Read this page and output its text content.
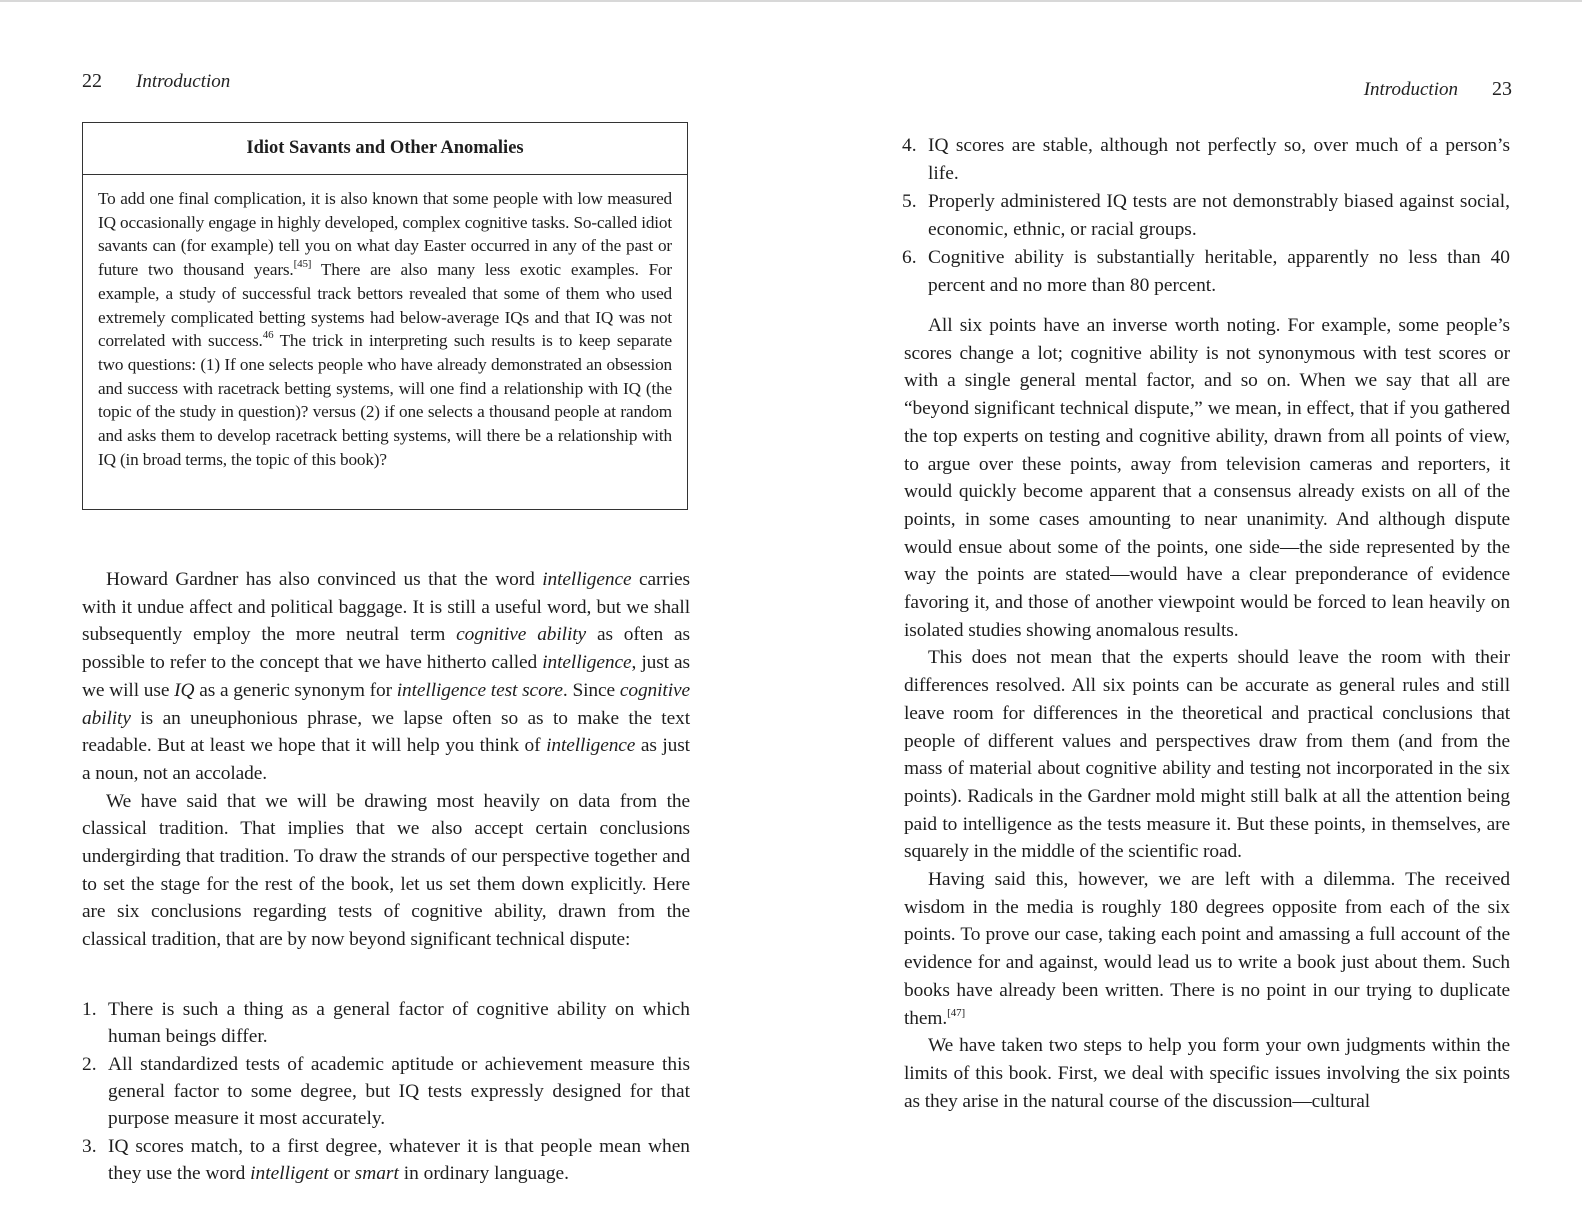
22 Introduction
Idiot Savants and Other Anomalies
To add one final complication, it is also known that some people with low measured IQ occasionally engage in highly developed, complex cognitive tasks. So-called idiot savants can (for example) tell you on what day Easter occurred in any of the past or future two thousand years.[45] There are also many less exotic examples. For example, a study of successful track bettors revealed that some of them who used extremely complicated betting systems had below-average IQs and that IQ was not correlated with success.$^{46}$ The trick in interpreting such results is to keep separate two questions: (1) If one selects people who have already demonstrated an obsession and success with racetrack betting systems, will one find a relationship with IQ (the topic of the study in question)? versus (2) if one selects a thousand people at random and asks them to develop racetrack betting systems, will there be a relationship with IQ (in broad terms, the topic of this book)?

Howard Gardner has also convinced us that the word intelligence carries with it undue affect and political baggage. It is still a useful word, but we shall subsequently employ the more neutral term cognitive ability as often as possible to refer to the concept that we have hitherto called intelligence, just as we will use IQ as a generic synonym for intelligence test score. Since cognitive ability is an uneuphonious phrase, we lapse often so as to make the text readable. But at least we hope that it will help you think of intelligence as just a noun, not an accolade.

We have said that we will be drawing most heavily on data from the classical tradition. That implies that we also accept certain conclusions undergirding that tradition. To draw the strands of our perspective together and to set the stage for the rest of the book, let us set them down explicitly. Here are six conclusions regarding tests of cognitive ability, drawn from the classical tradition, that are by now beyond significant technical dispute:

1. There is such a thing as a general factor of cognitive ability on which human beings differ.
2. All standardized tests of academic aptitude or achievement measure this general factor to some degree, but IQ tests expressly designed for that purpose measure it most accurately.
3. IQ scores match, to a first degree, whatever it is that people mean when they use the word intelligent or smart in ordinary language.
Introduction 23
4. IQ scores are stable, although not perfectly so, over much of a person’s life.
5. Properly administered IQ tests are not demonstrably biased against social, economic, ethnic, or racial groups.
6. Cognitive ability is substantially heritable, apparently no less than 40 percent and no more than 80 percent.

All six points have an inverse worth noting. For example, some people’s scores change a lot; cognitive ability is not synonymous with test scores or with a single general mental factor, and so on. When we say that all are “beyond significant technical dispute,” we mean, in effect, that if you gathered the top experts on testing and cognitive ability, drawn from all points of view, to argue over these points, away from television cameras and reporters, it would quickly become apparent that a consensus already exists on all of the points, in some cases amounting to near unanimity. And although dispute would ensue about some of the points, one side—the side represented by the way the points are stated—would have a clear preponderance of evidence favoring it, and those of another viewpoint would be forced to lean heavily on isolated studies showing anomalous results.

This does not mean that the experts should leave the room with their differences resolved. All six points can be accurate as general rules and still leave room for differences in the theoretical and practical conclusions that people of different values and perspectives draw from them (and from the mass of material about cognitive ability and testing not incorporated in the six points). Radicals in the Gardner mold might still balk at all the attention being paid to intelligence as the tests measure it. But these points, in themselves, are squarely in the middle of the scientific road.

Having said this, however, we are left with a dilemma. The received wisdom in the media is roughly 180 degrees opposite from each of the six points. To prove our case, taking each point and amassing a full account of the evidence for and against, would lead us to write a book just about them. Such books have already been written. There is no point in our trying to duplicate them.[47]

We have taken two steps to help you form your own judgments within the limits of this book. First, we deal with specific issues involving the six points as they arise in the natural course of the discussion—cultural
